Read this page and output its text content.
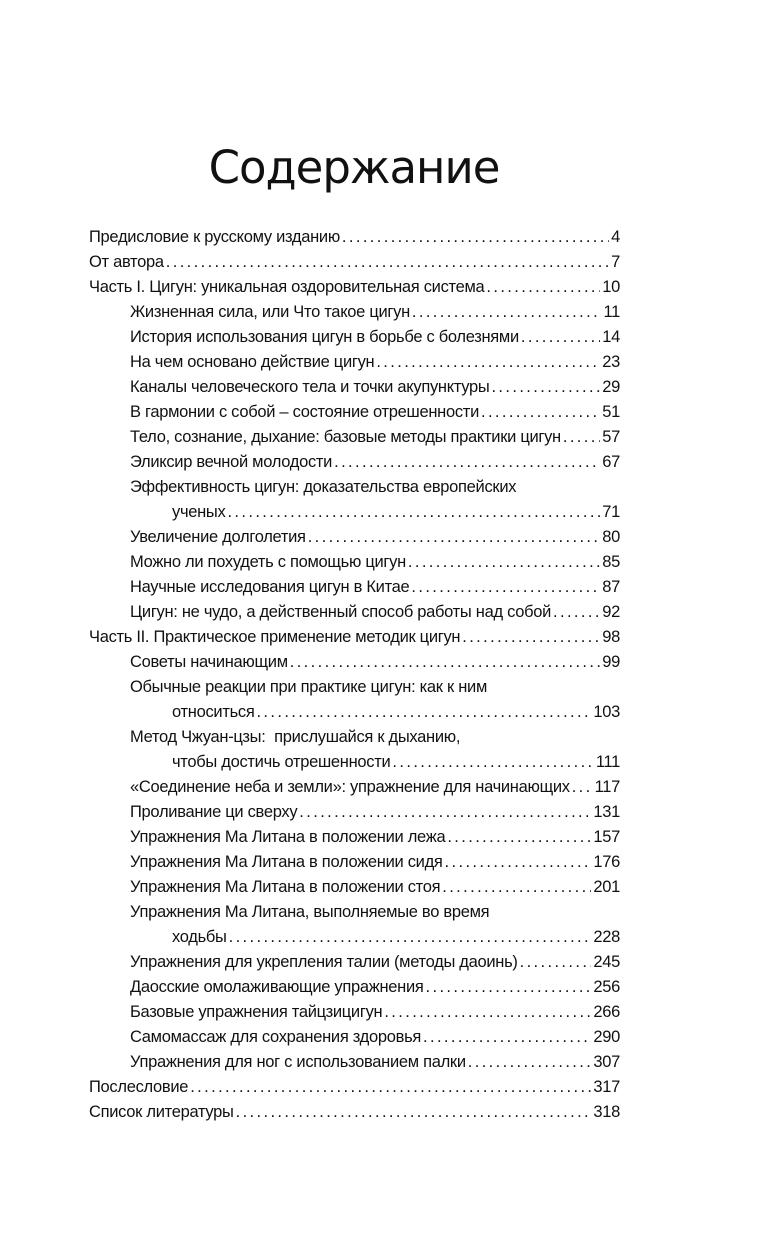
Содержание
Предисловие к русскому изданию . . .	4
От автора . . .	7
Часть I. Цигун: уникальная оздоровительная система . . .	10
Жизненная сила, или Что такое цигун . . .	11
История использования цигун в борьбе с болезнями . . .	14
На чем основано действие цигун . . .	23
Каналы человеческого тела и точки акупунктуры . . .	29
В гармонии с собой – состояние отрешенности . . .	51
Тело, сознание, дыхание: базовые методы практики цигун . . .	57
Эликсир вечной молодости . . .	67
Эффективность цигун: доказательства европейских
ученых . . .	71
Увеличение долголетия . . .	80
Можно ли похудеть с помощью цигун . . .	85
Научные исследования цигун в Китае . . .	87
Цигун: не чудо, а действенный способ работы над собой . . .	92
Часть II. Практическое применение методик цигун . . .	98
Советы начинающим . . .	99
Обычные реакции при практике цигун: как к ним
относиться . . .	103
Метод Чжуан-цзы:  прислушайся к дыханию,
чтобы достичь отрешенности . . .	111
«Соединение неба и земли»: упражнение для начинающих . . . 117
Проливание ци сверху . . .	131
Упражнения Ма Литана в положении лежа . . .	157
Упражнения Ма Литана в положении сидя . . .	176
Упражнения Ма Литана в положении стоя . . .	201
Упражнения Ма Литана, выполняемые во время
ходьбы . . .	228
Упражнения для укрепления талии (методы даоинь) . . .	245
Даосские омолаживающие упражнения . . .	256
Базовые упражнения тайцзицигун . . .	266
Самомассаж для сохранения здоровья . . .	290
Упражнения для ног с использованием палки . . .	307
Послесловие . . .	317
Список литературы . . .	318
